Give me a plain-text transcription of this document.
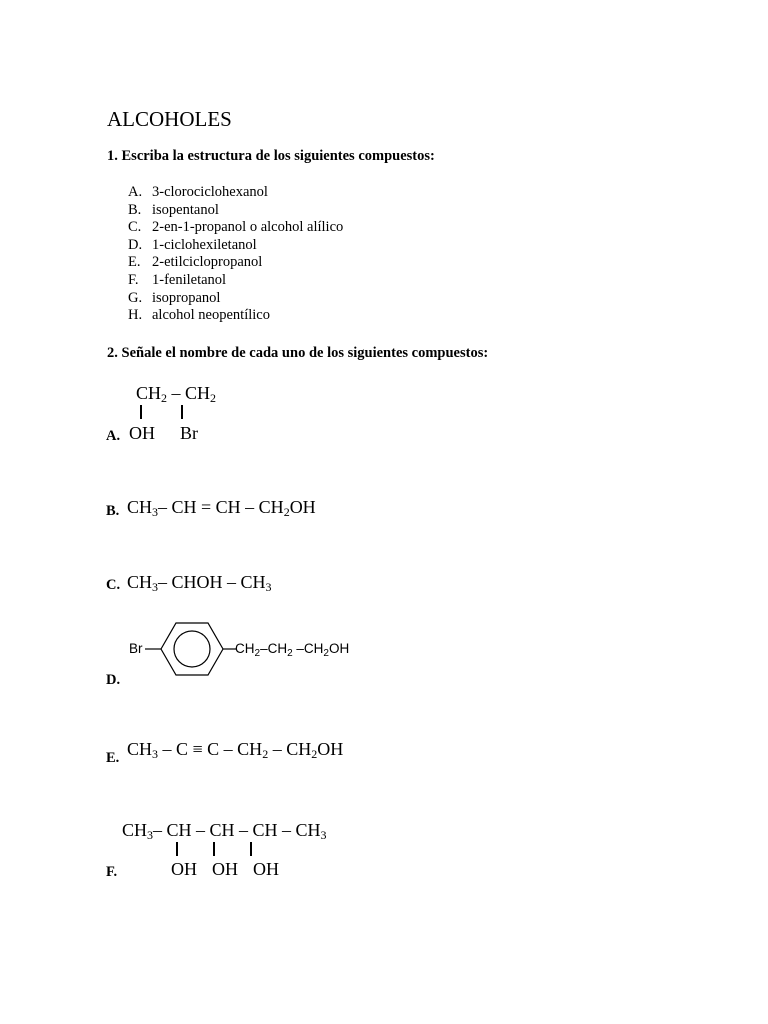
ALCOHOLES
1. Escriba la estructura de los siguientes compuestos:
A. 3-clorociclohexanol
B. isopentanol
C. 2-en-1-propanol o alcohol alílico
D. 1-ciclohexiletanol
E. 2-etilciclopropanol
F. 1-feniletanol
G. isopropanol
H. alcohol neopentílico
2. Señale el nombre de cada uno de los siguientes compuestos:
$CH_2 - CH_2$
OH Br
A.
B. $CH_3-$ CH = CH – $CH_2OH$
C. $CH_3-$ CHOH – $CH_3$
Br	$CH_2-CH_2$ $-CH_2OH$
D.
E. $CH_3 - C \equiv C - CH_2 - CH_2OH$
$CH_3-$ CH – CH – CH – $CH_3$
OH OH OH
F.
